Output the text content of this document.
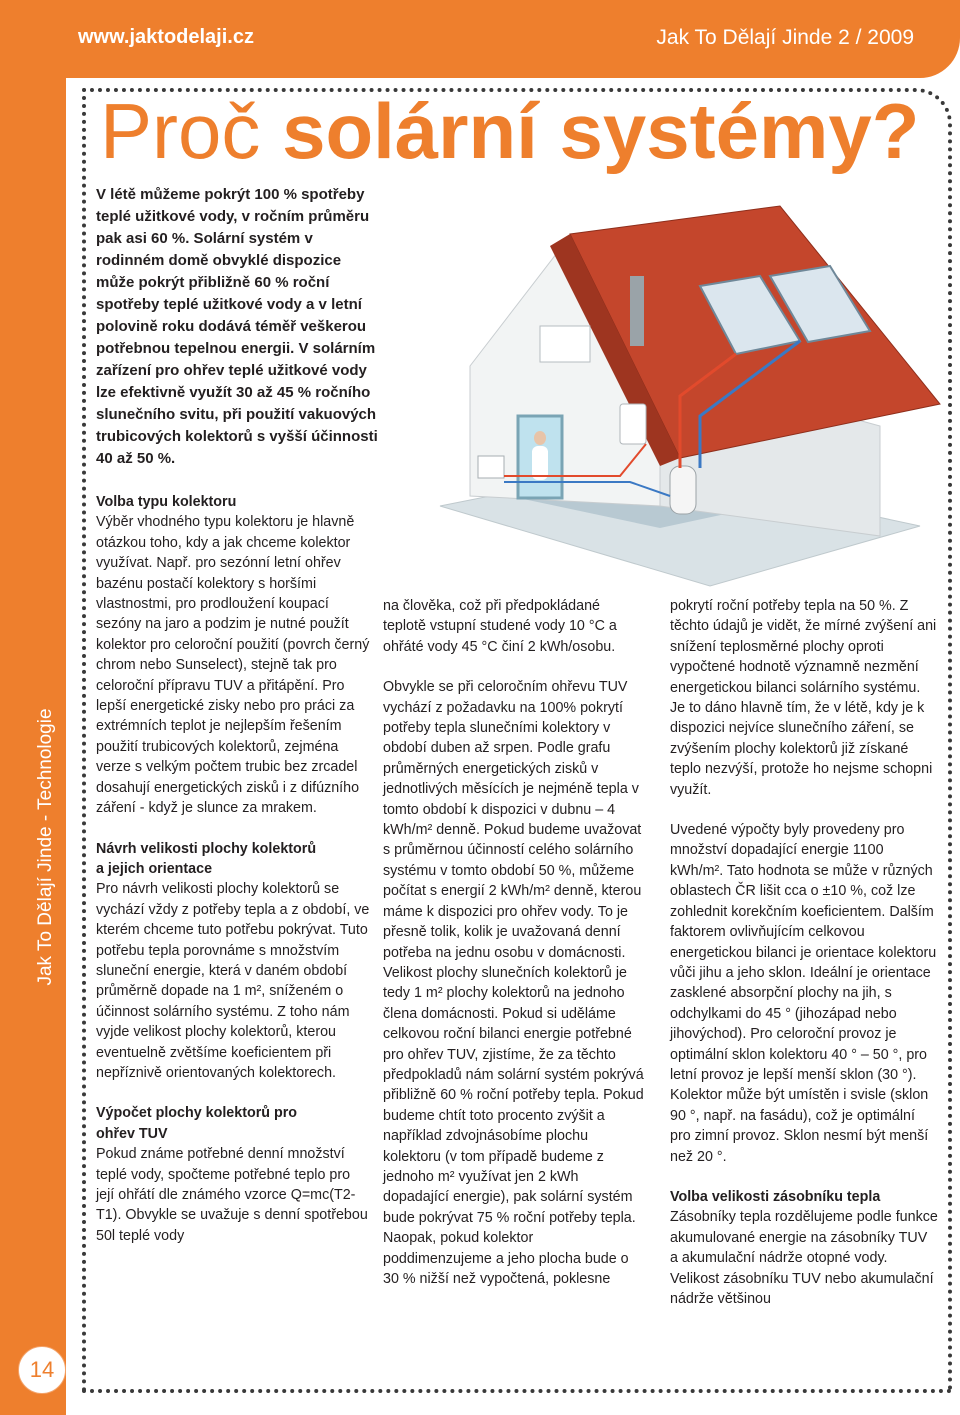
www.jaktodelaji.cz	Jak To Dělají Jinde 2 / 2009
Jak To Dělají Jinde - Technologie
14
Proč solární systémy?
V létě můžeme pokrýt 100 % spotřeby teplé užitkové vody, v ročním průměru pak asi 60 %. Solární systém v rodinném domě obvyklé dispozice může pokrýt přibližně 60 % roční spotřeby teplé užitkové vody a v letní polovině roku dodává téměř veškerou potřebnou tepelnou energii. V solárním zařízení pro ohřev teplé užitkové vody lze efektivně využít 30 až 45 % ročního slunečního svitu, při použití vakuových trubicových kolektorů s vyšší účinnosti 40 až 50 %.
Volba typu kolektoru

Výběr vhodného typu kolektoru je hlavně otázkou toho, kdy a jak chceme kolektor využívat. Např. pro sezónní letní ohřev bazénu postačí kolektory s horšími vlastnostmi, pro prodloužení koupací sezóny na jaro a podzim je nutné použít kolektor pro celoroční použití (povrch černý chrom nebo Sunselect), stejně tak pro celoroční přípravu TUV a přitápění. Pro lepší energetické zisky nebo pro práci za extrémních teplot je nejlepším řešením použití trubicových kolektorů, zejména verze s velkým počtem trubic bez zrcadel dosahují energetických zisků i z difúzního záření - když je slunce za mrakem.

Návrh velikosti plochy kolektorů
a jejich orientace

Pro návrh velikosti plochy kolektorů se vychází vždy z potřeby tepla a z období, ve kterém chceme tuto potřebu pokrývat. Tuto potřebu tepla porovnáme s množstvím sluneční energie, která v daném období průměrně dopade na 1 m², sníženém o účinnost solárního systému. Z toho nám vyjde velikost plochy kolektorů, kterou eventuelně zvětšíme koeficientem při nepříznivě orientovaných kolektorech.

Výpočet plochy kolektorů pro
ohřev TUV

Pokud známe potřebné denní množství teplé vody, spočteme potřebné teplo pro její ohřátí dle známého vzorce Q=mc(T2-T1). Obvykle se uvažuje s denní spotřebou 50l teplé vody

na člověka, což při předpokládané teplotě vstupní studené vody 10 °C a ohřáté vody 45 °C činí 2 kWh/osobu.

Obvykle se při celoročním ohřevu TUV vychází z požadavku na 100% pokrytí potřeby tepla slunečními kolektory v období duben až srpen. Podle grafu průměrných energetických zisků v jednotlivých měsících je nejméně tepla v tomto období k dispozici v dubnu – 4 kWh/m² denně. Pokud budeme uvažovat s průměrnou účinností celého solárního systému v tomto období 50 %, můžeme počítat s energií 2 kWh/m² denně, kterou máme k dispozici pro ohřev vody. To je přesně tolik, kolik je uvažovaná denní potřeba na jednu osobu v domácnosti. Velikost plochy slunečních kolektorů je tedy 1 m² plochy kolektorů na jednoho člena domácnosti. Pokud si uděláme celkovou roční bilanci energie potřebné pro ohřev TUV, zjistíme, že za těchto předpokladů nám solární systém pokrývá přibližně 60 % roční potřeby tepla. Pokud budeme chtít toto procento zvýšit a například zdvojnásobíme plochu kolektoru (v tom případě budeme z jednoho m² využívat jen 2 kWh dopadající energie), pak solární systém bude pokrývat 75 % roční potřeby tepla. Naopak, pokud kolektor poddimenzujeme a jeho plocha bude o 30 % nižší než vypočtená, poklesne

pokrytí roční potřeby tepla na 50 %. Z těchto údajů je vidět, že mírné zvýšení ani snížení teplosměrné plochy oproti vypočtené hodnotě významně nezmění energetickou bilanci solárního systému. Je to dáno hlavně tím, že v létě, kdy je k dispozici nejvíce slunečního záření, se zvýšením plochy kolektorů již získané teplo nezvýší, protože ho nejsme schopni využít.

Uvedené výpočty byly provedeny pro množství dopadající energie 1100 kWh/m². Tato hodnota se může v různých oblastech ČR lišit cca o ±10 %, což lze zohlednit korekčním koeficientem. Dalším faktorem ovlivňujícím celkovou energetickou bilanci je orientace kolektoru vůči jihu a jeho sklon. Ideální je orientace zasklené absorpční plochy na jih, s odchylkami do 45 ° (jihozápad nebo jihovýchod). Pro celoroční provoz je optimální sklon kolektoru 40 ° – 50 °, pro letní provoz je lepší menší sklon (30 °). Kolektor může být umístěn i svisle (sklon 90 °, např. na fasádu), což je optimální pro zimní provoz. Sklon nesmí být menší než 20 °.

Volba velikosti zásobníku tepla

Zásobníky tepla rozdělujeme podle funkce akumulované energie na zásobníky TUV a akumulační nádrže otopné vody. Velikost zásobníku TUV nebo akumulační nádrže většinou
